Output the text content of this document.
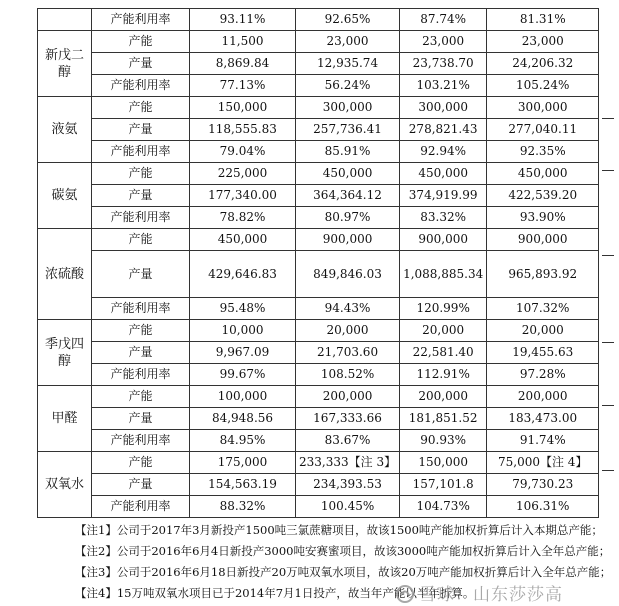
	产能利用率	93.11%	92.65%	87.74%	81.31%
新戊二醇	产能	11,500	23,000	23,000	23,000
	产量	8,869.84	12,935.74	23,738.70	24,206.32
	产能利用率	77.13%	56.24%	103.21%	105.24%
液氨	产能	150,000	300,000	300,000	300,000
	产量	118,555.83	257,736.41	278,821.43	277,040.11
	产能利用率	79.04%	85.91%	92.94%	92.35%
碳氨	产能	225,000	450,000	450,000	450,000
	产量	177,340.00	364,364.12	374,919.99	422,539.20
	产能利用率	78.82%	80.97%	83.32%	93.90%
浓硫酸	产能	450,000	900,000	900,000	900,000
	产量	429,646.83	849,846.03	1,088,885.34	965,893.92
	产能利用率	95.48%	94.43%	120.99%	107.32%
季戊四醇	产能	10,000	20,000	20,000	20,000
	产量	9,967.09	21,703.60	22,581.40	19,455.63
	产能利用率	99.67%	108.52%	112.91%	97.28%
甲醛	产能	100,000	200,000	200,000	200,000
	产量	84,948.56	167,333.66	181,851.52	183,473.00
	产能利用率	84.95%	83.67%	90.93%	91.74%
双氧水	产能	175,000	233,333【注 3】	150,000	75,000【注 4】
	产量	154,563.19	234,393.53	157,101.8	79,730.23
	产能利用率	88.32%	100.45%	104.73%	106.31%
【注1】公司于2017年3月新投产1500吨三氯蔗糖项目，故该1500吨产能加权折算后计入本期总产能；
【注2】公司于2016年6月4日新投产3000吨安赛蜜项目，故该3000吨产能加权折算后计入全年总产能；
【注3】公司于2016年6月18日新投产20万吨双氧水项目，故该20万吨产能加权折算后计入全年总产能；
【注4】15万吨双氧水项目已于2014年7月1日投产，故当年产能以半年折算。
雪球：山东莎莎高
